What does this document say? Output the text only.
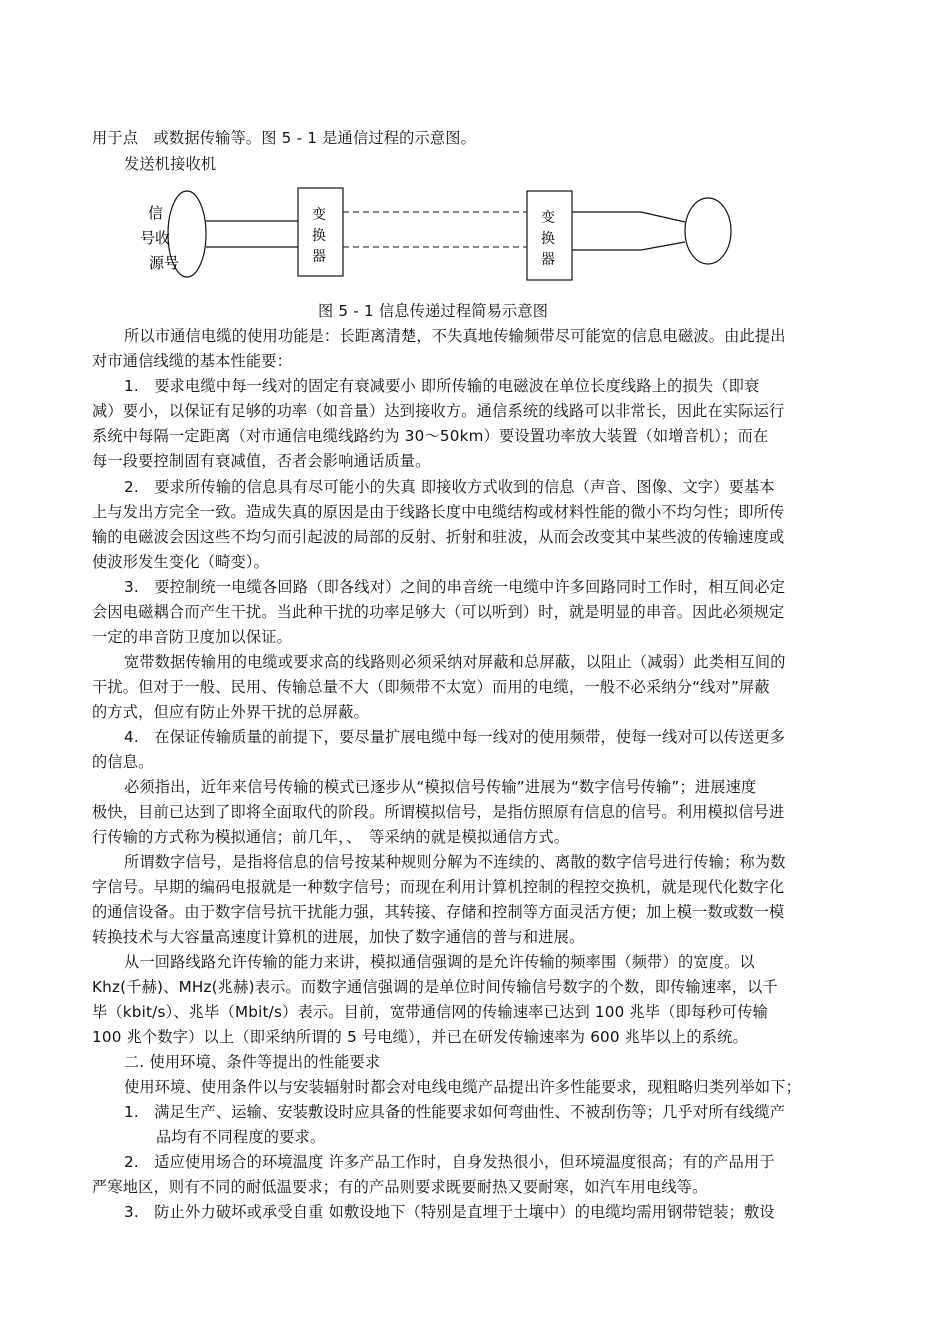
用于点　或数据传输等。图 5 - 1 是通信过程的示意图。
发送机接收机
信
号 收
源 号
变
换
器
变
换
器
图 5 - 1 信息传递过程简易示意图
所以市通信电缆的使用功能是：长距离清楚，不失真地传输频带尽可能宽的信息电磁波。由此提出
对市通信线缆的基本性能要：
1.　要求电缆中每一线对的固定有衰减要小 即所传输的电磁波在单位长度线路上的损失（即衰
减）要小，以保证有足够的功率（如音量）达到接收方。通信系统的线路可以非常长，因此在实际运行
系统中每隔一定距离（对市通信电缆线路约为 30～50km）要设置功率放大装置（如增音机）；而在
每一段要控制固有衰减值，否者会影响通话质量。
2.　要求所传输的信息具有尽可能小的失真 即接收方式收到的信息（声音、图像、文字）要基本
上与发出方完全一致。造成失真的原因是由于线路长度中电缆结构或材料性能的微小不均匀性；即所传
输的电磁波会因这些不均匀而引起波的局部的反射、折射和驻波，从而会改变其中某些波的传输速度或
使波形发生变化（畸变）。
3.　要控制统一电缆各回路（即各线对）之间的串音统一电缆中许多回路同时工作时，相互间必定
会因电磁耦合而产生干扰。当此种干扰的功率足够大（可以听到）时，就是明显的串音。因此必须规定
一定的串音防卫度加以保证。
宽带数据传输用的电缆或要求高的线路则必须采纳对屏蔽和总屏蔽，以阻止（减弱）此类相互间的
干扰。但对于一般、民用、传输总量不大（即频带不太宽）而用的电缆，一般不必采纳分“线对”屏蔽
的方式，但应有防止外界干扰的总屏蔽。
4.　在保证传输质量的前提下，要尽量扩展电缆中每一线对的使用频带，使每一线对可以传送更多
的信息。
必须指出，近年来信号传输的模式已逐步从“模拟信号传输”进展为“数字信号传输”；进展速度
极快，目前已达到了即将全面取代的阶段。所谓模拟信号，是指仿照原有信息的信号。利用模拟信号进
行传输的方式称为模拟通信；前几年，、　等采纳的就是模拟通信方式。
所谓数字信号，是指将信息的信号按某种规则分解为不连续的、离散的数字信号进行传输；称为数
字信号。早期的编码电报就是一种数字信号；而现在利用计算机控制的程控交换机，就是现代化数字化
的通信设备。由于数字信号抗干扰能力强，其转接、存储和控制等方面灵活方便；加上模一数或数一模
转换技术与大容量高速度计算机的进展，加快了数字通信的普与和进展。
从一回路线路允许传输的能力来讲，模拟通信强调的是允许传输的频率围（频带）的宽度。以
Khz(千赫)、MHz(兆赫)表示。而数字通信强调的是单位时间传输信号数字的个数，即传输速率，以千
毕（kbit/s）、兆毕（Mbit/s）表示。目前，宽带通信网的传输速率已达到 100 兆毕（即每秒可传输
100 兆个数字）以上（即采纳所谓的 5 号电缆），并已在研发传输速率为 600 兆毕以上的系统。
二. 使用环境、条件等提出的性能要求
使用环境、使用条件以与安装辐射时都会对电线电缆产品提出许多性能要求，现粗略归类列举如下；
1.　满足生产、运输、安装敷设时应具备的性能要求如何弯曲性、不被刮伤等；几乎对所有线缆产
品均有不同程度的要求。
2.　适应使用场合的环境温度 许多产品工作时，自身发热很小，但环境温度很高；有的产品用于
严寒地区，则有不同的耐低温要求；有的产品则要求既要耐热又要耐寒，如汽车用电线等。
3.　防止外力破坏或承受自重 如敷设地下（特别是直埋于土壤中）的电缆均需用钢带铠装；敷设
